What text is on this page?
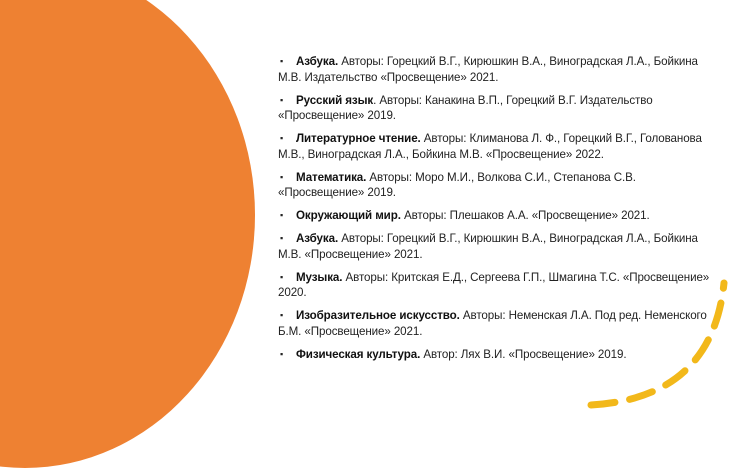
▪ Азбука. Авторы: Горецкий В.Г., Кирюшкин В.А., Виноградская Л.А., Бойкина М.В. Издательство «Просвещение» 2021.
▪ Русский язык. Авторы: Канакина В.П., Горецкий В.Г. Издательство «Просвещение» 2019.
▪ Литературное чтение. Авторы: Климанова Л. Ф., Горецкий В.Г., Голованова М.В., Виноградская Л.А., Бойкина М.В. «Просвещение» 2022.
▪ Математика. Авторы: Моро М.И., Волкова С.И., Степанова С.В. «Просвещение» 2019.
▪ Окружающий мир. Авторы: Плешаков А.А. «Просвещение» 2021.
▪ Азбука. Авторы: Горецкий В.Г., Кирюшкин В.А., Виноградская Л.А., Бойкина М.В. «Просвещение» 2021.
▪ Музыка. Авторы: Критская Е.Д., Сергеева Г.П., Шмагина Т.С. «Просвещение» 2020.
▪ Изобразительное искусство. Авторы: Неменская Л.А. Под ред. Неменского Б.М. «Просвещение» 2021.
▪ Физическая культура. Автор: Лях В.И. «Просвещение» 2019.
